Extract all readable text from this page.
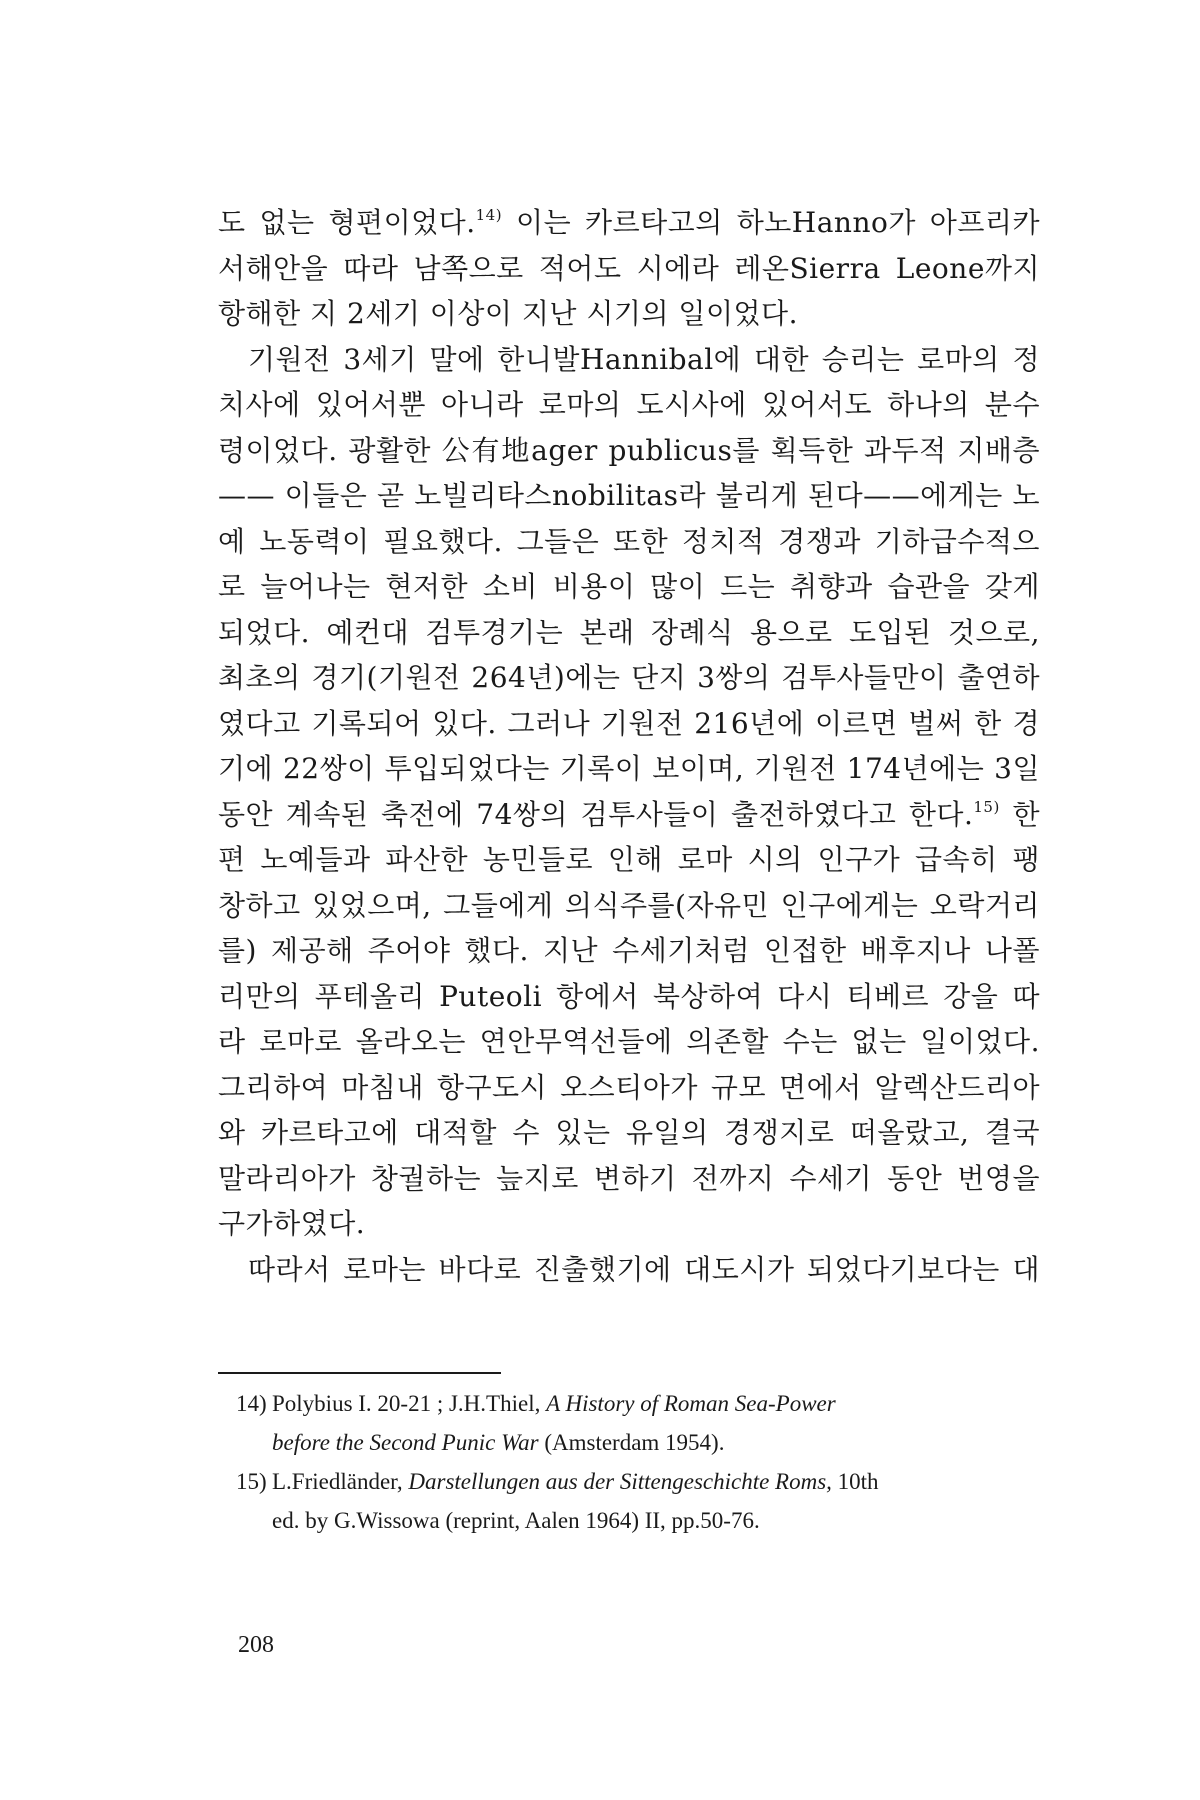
도 없는 형편이었다.$^{14)}$ 이는 카르타고의 하노Hanno가 아프리카
서해안을 따라 남쪽으로 적어도 시에라 레온Sierra Leone까지
항해한 지 2세기 이상이 지난 시기의 일이었다.
기원전 3세기 말에 한니발Hannibal에 대한 승리는 로마의 정
치사에 있어서뿐 아니라 로마의 도시사에 있어서도 하나의 분수
령이었다. 광활한 公有地ager publicus를 획득한 과두적 지배층
—— 이들은 곧 노빌리타스nobilitas라 불리게 된다——에게는 노
예 노동력이 필요했다. 그들은 또한 정치적 경쟁과 기하급수적으
로 늘어나는 현저한 소비 비용이 많이 드는 취향과 습관을 갖게
되었다. 예컨대 검투경기는 본래 장례식 용으로 도입된 것으로,
최초의 경기(기원전 264년)에는 단지 3쌍의 검투사들만이 출연하
였다고 기록되어 있다. 그러나 기원전 216년에 이르면 벌써 한 경
기에 22쌍이 투입되었다는 기록이 보이며, 기원전 174년에는 3일
동안 계속된 축전에 74쌍의 검투사들이 출전하였다고 한다.$^{15)}$ 한
편 노예들과 파산한 농민들로 인해 로마 시의 인구가 급속히 팽
창하고 있었으며, 그들에게 의식주를(자유민 인구에게는 오락거리
를) 제공해 주어야 했다. 지난 수세기처럼 인접한 배후지나 나폴
리만의 푸테올리 Puteoli 항에서 북상하여 다시 티베르 강을 따
라 로마로 올라오는 연안무역선들에 의존할 수는 없는 일이었다.
그리하여 마침내 항구도시 오스티아가 규모 면에서 알렉산드리아
와 카르타고에 대적할 수 있는 유일의 경쟁지로 떠올랐고, 결국
말라리아가 창궐하는 늪지로 변하기 전까지 수세기 동안 번영을
구가하였다.
따라서 로마는 바다로 진출했기에 대도시가 되었다기보다는 대
14) Polybius I. 20-21 ; J.H.Thiel, A History of Roman Sea-Power
before the Second Punic War (Amsterdam 1954).
15) L.Friedländer, Darstellungen aus der Sittengeschichte Roms, 10th
ed. by G.Wissowa (reprint, Aalen 1964) II, pp.50-76.
208
